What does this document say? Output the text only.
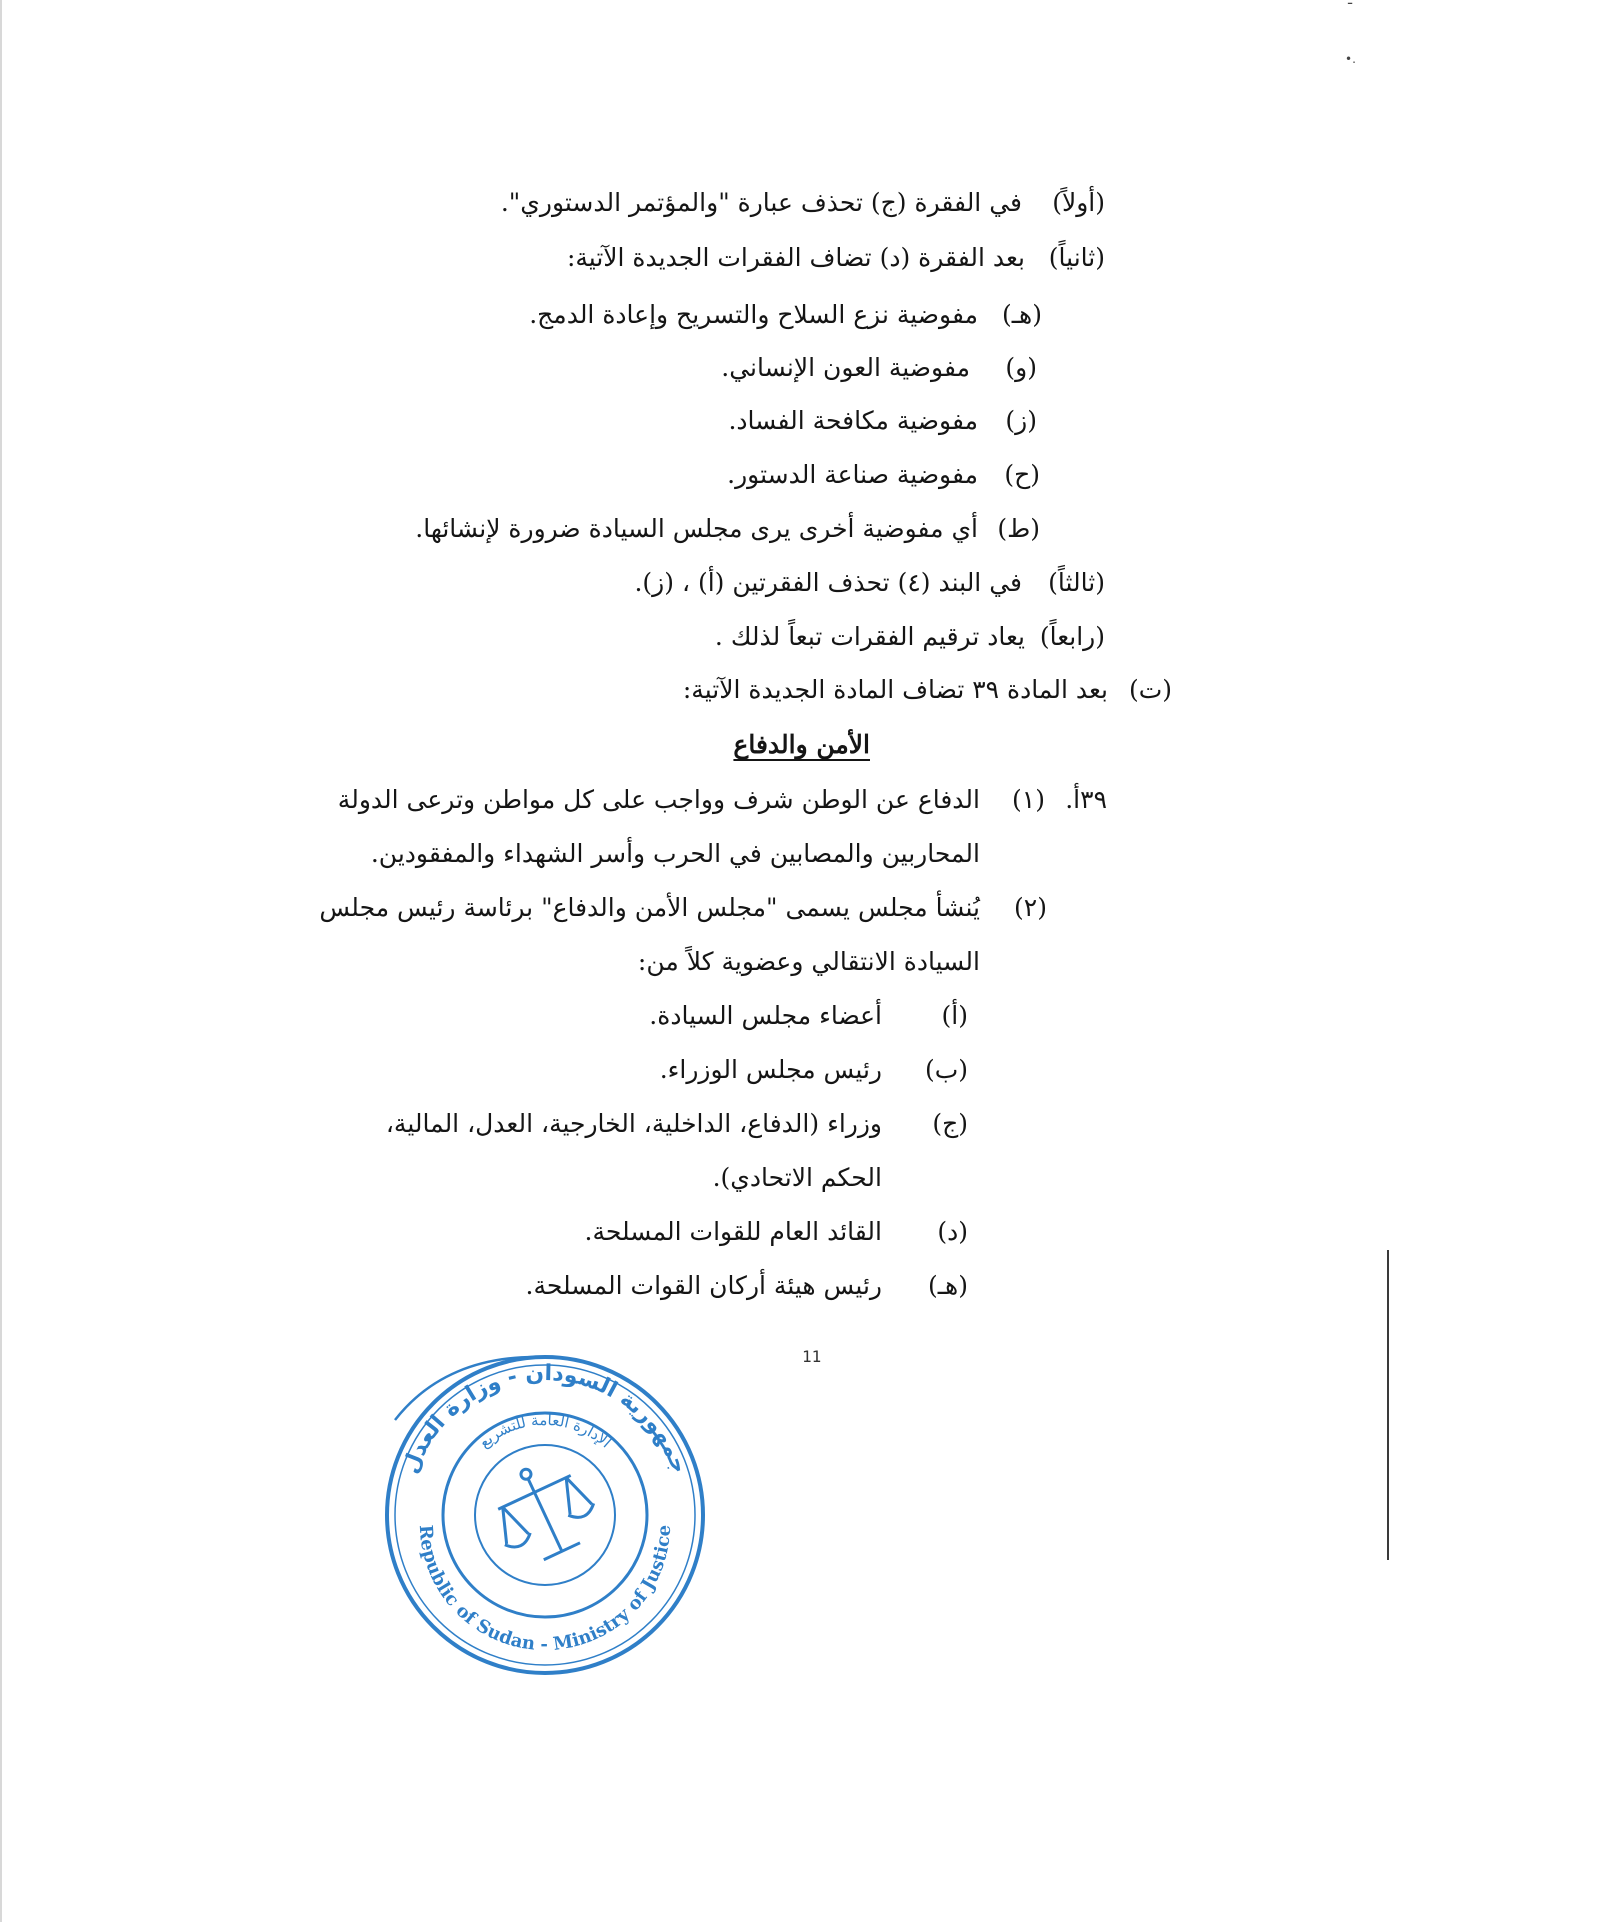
ـ
•.
(أولاً)
في الفقرة (ج) تحذف عبارة "والمؤتمر الدستوري".
(ثانياً)
بعد الفقرة (د) تضاف الفقرات الجديدة الآتية:
(هـ)
مفوضية نزع السلاح والتسريح وإعادة الدمج.
(و)
مفوضية العون الإنساني.
(ز)
مفوضية مكافحة الفساد.
(ح)
مفوضية صناعة الدستور.
(ط)
أي مفوضية أخرى يرى مجلس السيادة ضرورة لإنشائها.
(ثالثاً)
في البند (٤) تحذف الفقرتين (أ) ، (ز).
(رابعاً)
يعاد ترقيم الفقرات تبعاً لذلك .
(ت)
بعد المادة ٣٩ تضاف المادة الجديدة الآتية:
الأمن والدفاع
٣٩أ.
(١)
الدفاع عن الوطن شرف وواجب على كل مواطن وترعى الدولة
المحاربين والمصابين في الحرب وأسر الشهداء والمفقودين.
(٢)
يُنشأ مجلس يسمى "مجلس الأمن والدفاع" برئاسة رئيس مجلس
السيادة الانتقالي وعضوية كلاً من:
(أ)
أعضاء مجلس السيادة.
(ب)
رئيس مجلس الوزراء.
(ج)
وزراء (الدفاع، الداخلية، الخارجية، العدل، المالية،
الحكم الاتحادي).
(د)
القائد العام للقوات المسلحة.
(هـ)
رئيس هيئة أركان القوات المسلحة.
11
جمهورية السودان - وزارة العدل
Republic of Sudan - Ministry of Justice
الإدارة العامة للتشريع
